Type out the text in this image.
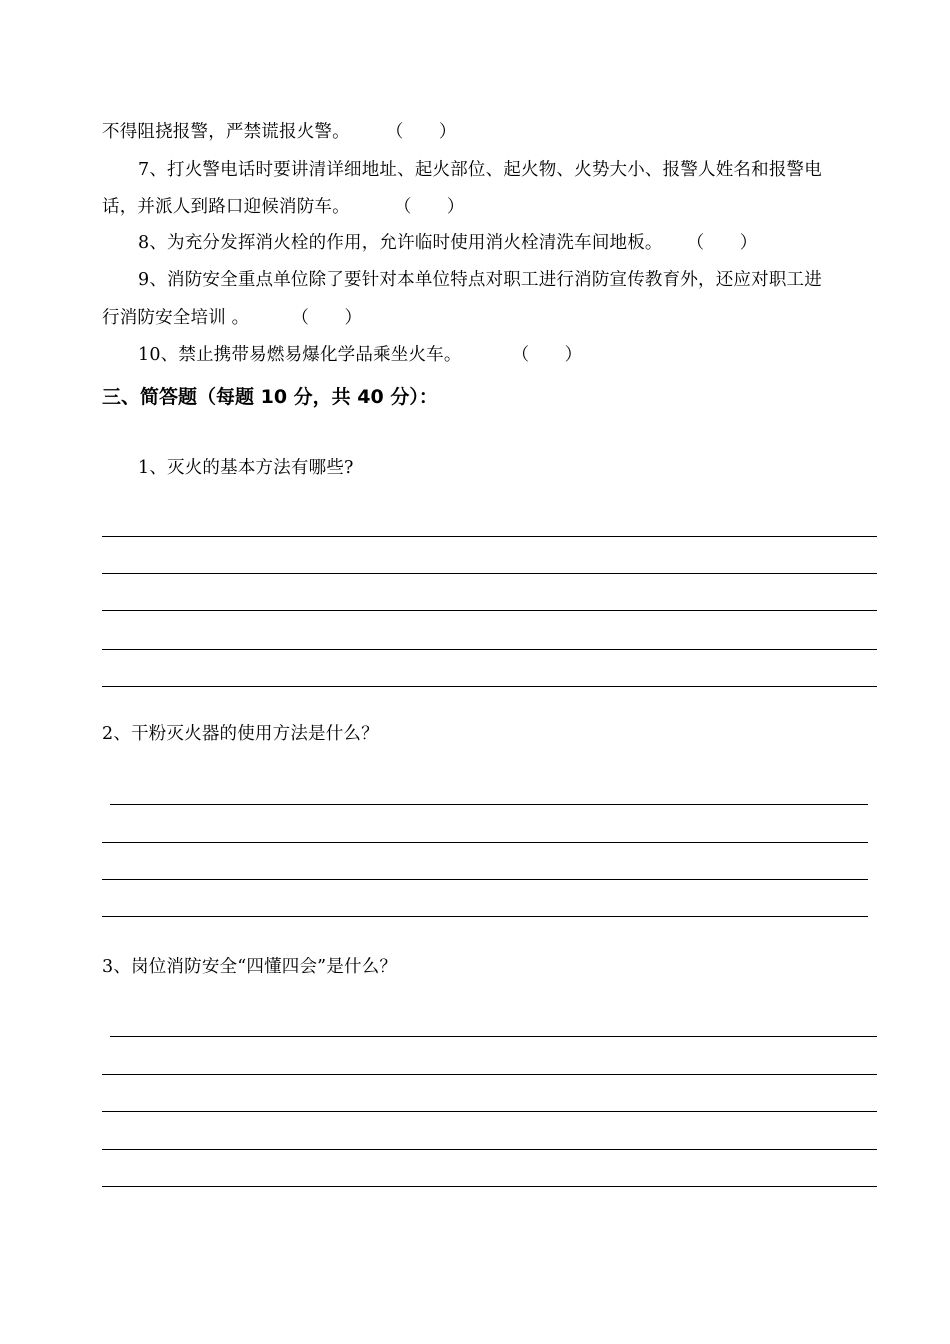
不得阻挠报警，严禁谎报火警。 （　　）
7、打火警电话时要讲清详细地址、起火部位、起火物、火势大小、报警人姓名和报警电
话，并派人到路口迎候消防车。	（　　）
8、为充分发挥消火栓的作用，允许临时使用消火栓清洗车间地板。 （　　）
9、消防安全重点单位除了要针对本单位特点对职工进行消防宣传教育外，还应对职工进
行消防安全培训 。 （　　）
10、禁止携带易燃易爆化学品乘坐火车。	（　　）
三、简答题（每题 10 分，共 40 分）：
1、灭火的基本方法有哪些?
2、干粉灭火器的使用方法是什么？
3、岗位消防安全“四懂四会”是什么？
